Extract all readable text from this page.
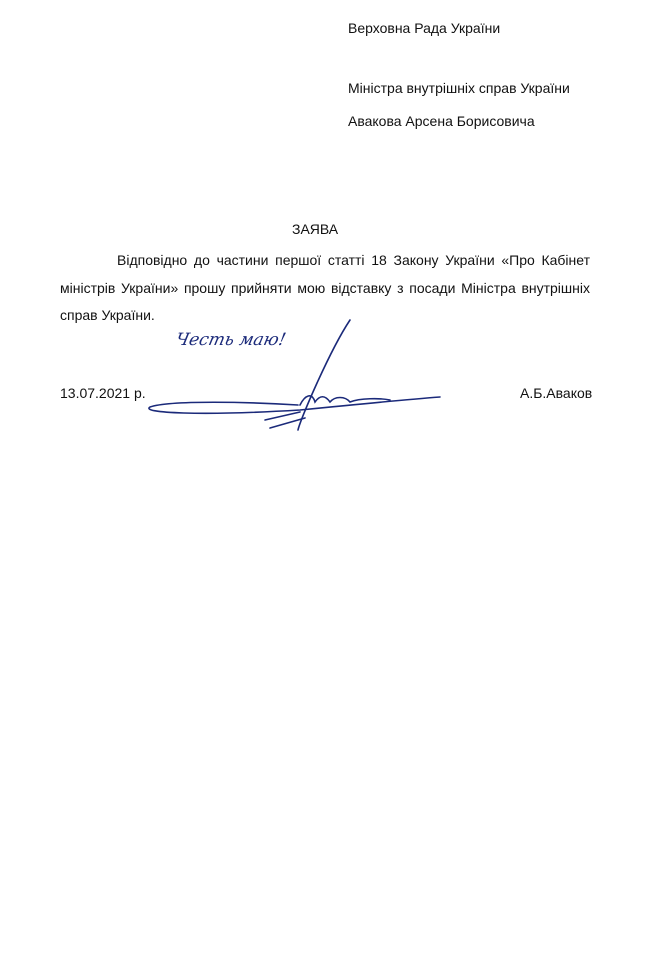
Верховна Рада України
Міністра внутрішніх справ України
Авакова Арсена Борисовича
ЗАЯВА
Відповідно до частини першої статті 18 Закону України «Про Кабінет
міністрів України» прошу прийняти мою відставку з посади Міністра внутрішніх
справ України.
Честь маю!
13.07.2021 р.	А.Б.Аваков
